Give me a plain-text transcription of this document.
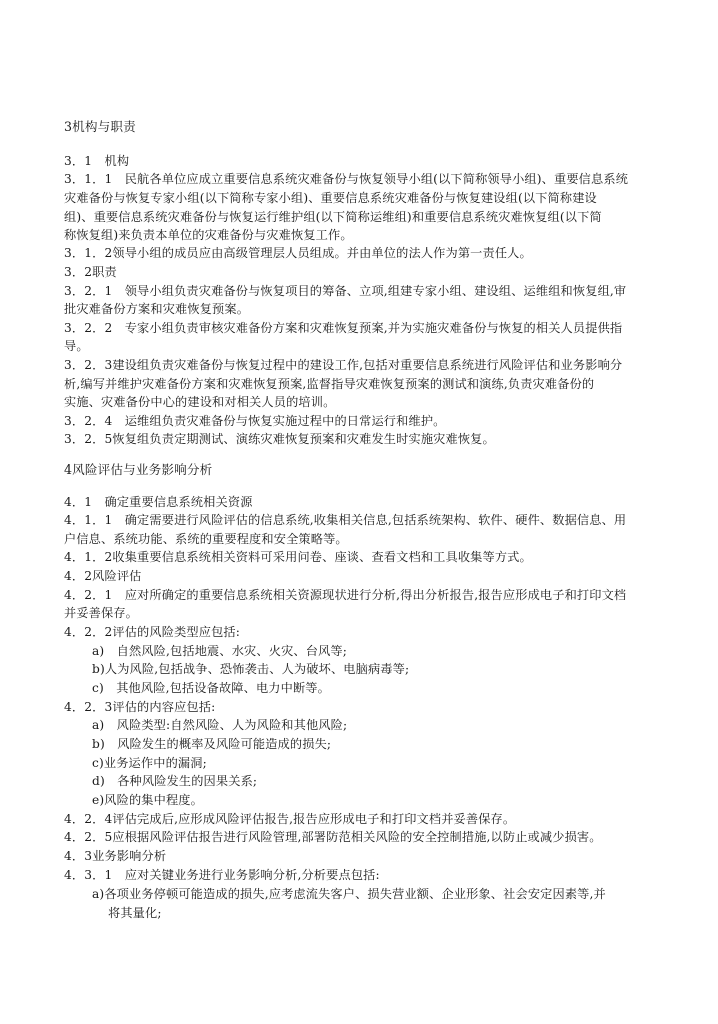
3机构与职责
3．1　机构
3．1．1　民航各单位应成立重要信息系统灾难备份与恢复领导小组(以下简称领导小组)、重要信息系统
灾难备份与恢复专家小组(以下简称专家小组)、重要信息系统灾难备份与恢复建设组(以下简称建设
组)、重要信息系统灾难备份与恢复运行维护组(以下简称运维组)和重要信息系统灾难恢复组(以下简
称恢复组)来负责本单位的灾难备份与灾难恢复工作。
3．1．2领导小组的成员应由高级管理层人员组成。并由单位的法人作为第一责任人。
3．2职责
3．2．1　领导小组负责灾难备份与恢复项目的筹备、立项,组建专家小组、建设组、运维组和恢复组,审
批灾难备份方案和灾难恢复预案。
3．2．2　专家小组负责审核灾难备份方案和灾难恢复预案,并为实施灾难备份与恢复的相关人员提供指
导。
3．2．3建设组负责灾难备份与恢复过程中的建设工作,包括对重要信息系统进行风险评估和业务影响分
析,编写并维护灾难备份方案和灾难恢复预案,监督指导灾难恢复预案的测试和演练,负责灾难备份的
实施、灾难备份中心的建设和对相关人员的培训。
3．2．4　运维组负责灾难备份与恢复实施过程中的日常运行和维护。
3．2．5恢复组负责定期测试、演练灾难恢复预案和灾难发生时实施灾难恢复。
4风险评估与业务影响分析
4．1　确定重要信息系统相关资源
4．1．1　确定需要进行风险评估的信息系统,收集相关信息,包括系统架构、软件、硬件、数据信息、用
户信息、系统功能、系统的重要程度和安全策略等。
4．1．2收集重要信息系统相关资料可采用问卷、座谈、查看文档和工具收集等方式。
4．2风险评估
4．2．1　应对所确定的重要信息系统相关资源现状进行分析,得出分析报告,报告应形成电子和打印文档
并妥善保存。
4．2．2评估的风险类型应包括:
a)　自然风险,包括地震、水灾、火灾、台风等;
b)人为风险,包括战争、恐怖袭击、人为破坏、电脑病毒等;
c)　其他风险,包括设备故障、电力中断等。
4．2．3评估的内容应包括:
a)　风险类型:自然风险、人为风险和其他风险;
b)　风险发生的概率及风险可能造成的损失;
c)业务运作中的漏洞;
d)　各种风险发生的因果关系;
e)风险的集中程度。
4．2．4评估完成后,应形成风险评估报告,报告应形成电子和打印文档并妥善保存。
4．2．5应根据风险评估报告进行风险管理,部署防范相关风险的安全控制措施,以防止或减少损害。
4．3业务影响分析
4．3．1　应对关键业务进行业务影响分析,分析要点包括:
a)各项业务停顿可能造成的损失,应考虑流失客户、损失营业额、企业形象、社会安定因素等,并
将其量化;
